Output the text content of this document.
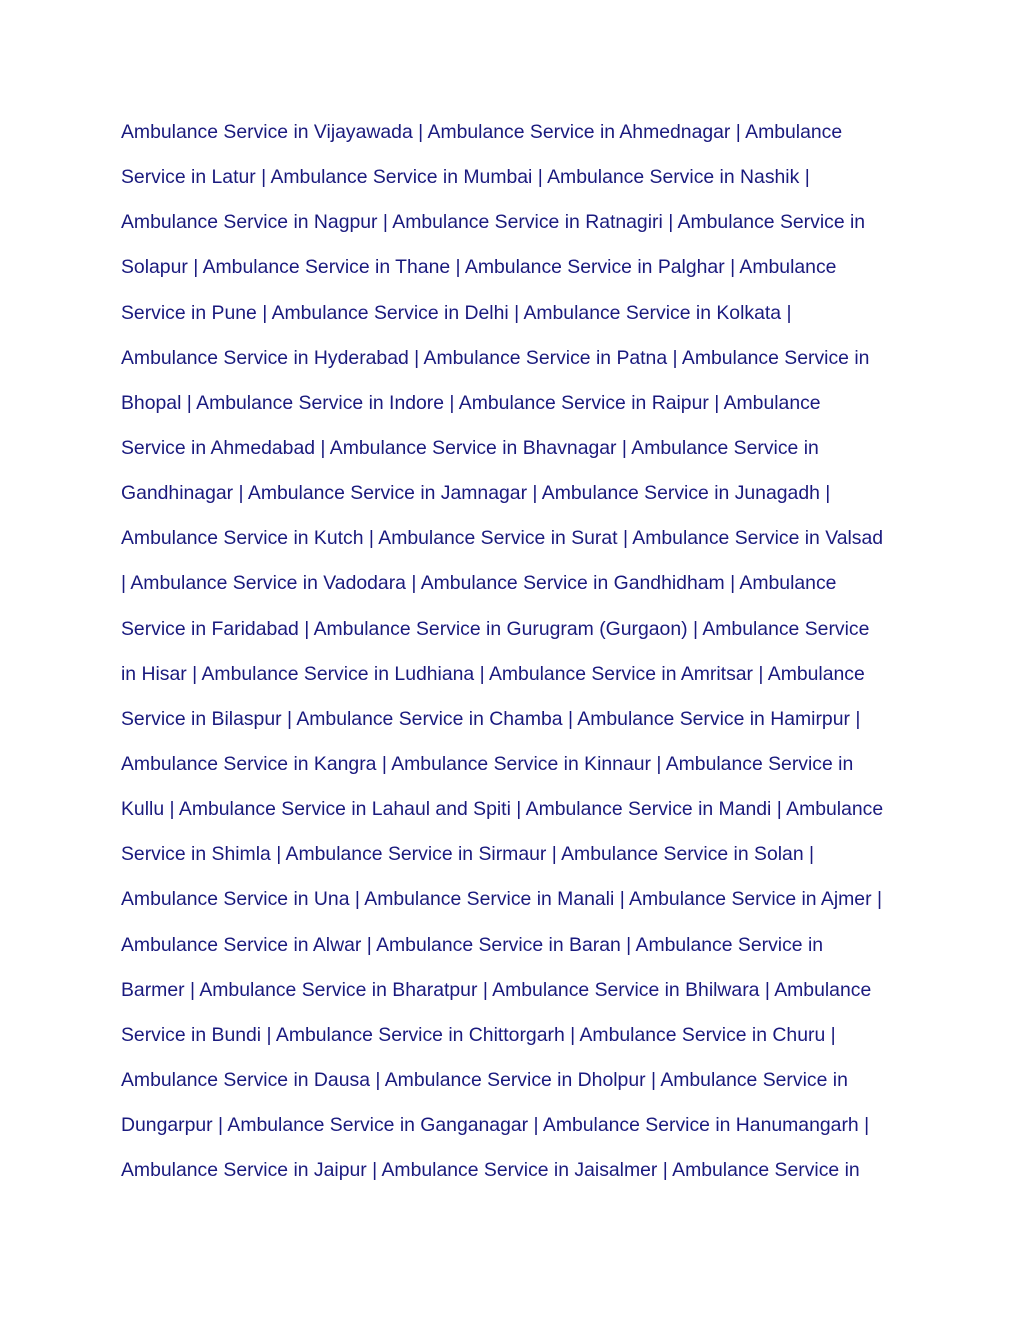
Ambulance Service in Vijayawada | Ambulance Service in Ahmednagar | Ambulance
Service in Latur | Ambulance Service in Mumbai | Ambulance Service in Nashik |
Ambulance Service in Nagpur | Ambulance Service in Ratnagiri | Ambulance Service in
Solapur | Ambulance Service in Thane | Ambulance Service in Palghar | Ambulance
Service in Pune | Ambulance Service in Delhi | Ambulance Service in Kolkata |
Ambulance Service in Hyderabad | Ambulance Service in Patna | Ambulance Service in
Bhopal | Ambulance Service in Indore | Ambulance Service in Raipur | Ambulance
Service in Ahmedabad | Ambulance Service in Bhavnagar | Ambulance Service in
Gandhinagar | Ambulance Service in Jamnagar | Ambulance Service in Junagadh |
Ambulance Service in Kutch | Ambulance Service in Surat | Ambulance Service in Valsad
| Ambulance Service in Vadodara | Ambulance Service in Gandhidham | Ambulance
Service in Faridabad | Ambulance Service in Gurugram (Gurgaon) | Ambulance Service
in Hisar | Ambulance Service in Ludhiana | Ambulance Service in Amritsar | Ambulance
Service in Bilaspur | Ambulance Service in Chamba | Ambulance Service in Hamirpur |
Ambulance Service in Kangra | Ambulance Service in Kinnaur | Ambulance Service in
Kullu | Ambulance Service in Lahaul and Spiti | Ambulance Service in Mandi | Ambulance
Service in Shimla | Ambulance Service in Sirmaur | Ambulance Service in Solan |
Ambulance Service in Una | Ambulance Service in Manali | Ambulance Service in Ajmer |
Ambulance Service in Alwar | Ambulance Service in Baran | Ambulance Service in
Barmer | Ambulance Service in Bharatpur | Ambulance Service in Bhilwara | Ambulance
Service in Bundi | Ambulance Service in Chittorgarh | Ambulance Service in Churu |
Ambulance Service in Dausa | Ambulance Service in Dholpur | Ambulance Service in
Dungarpur | Ambulance Service in Ganganagar | Ambulance Service in Hanumangarh |
Ambulance Service in Jaipur | Ambulance Service in Jaisalmer | Ambulance Service in
